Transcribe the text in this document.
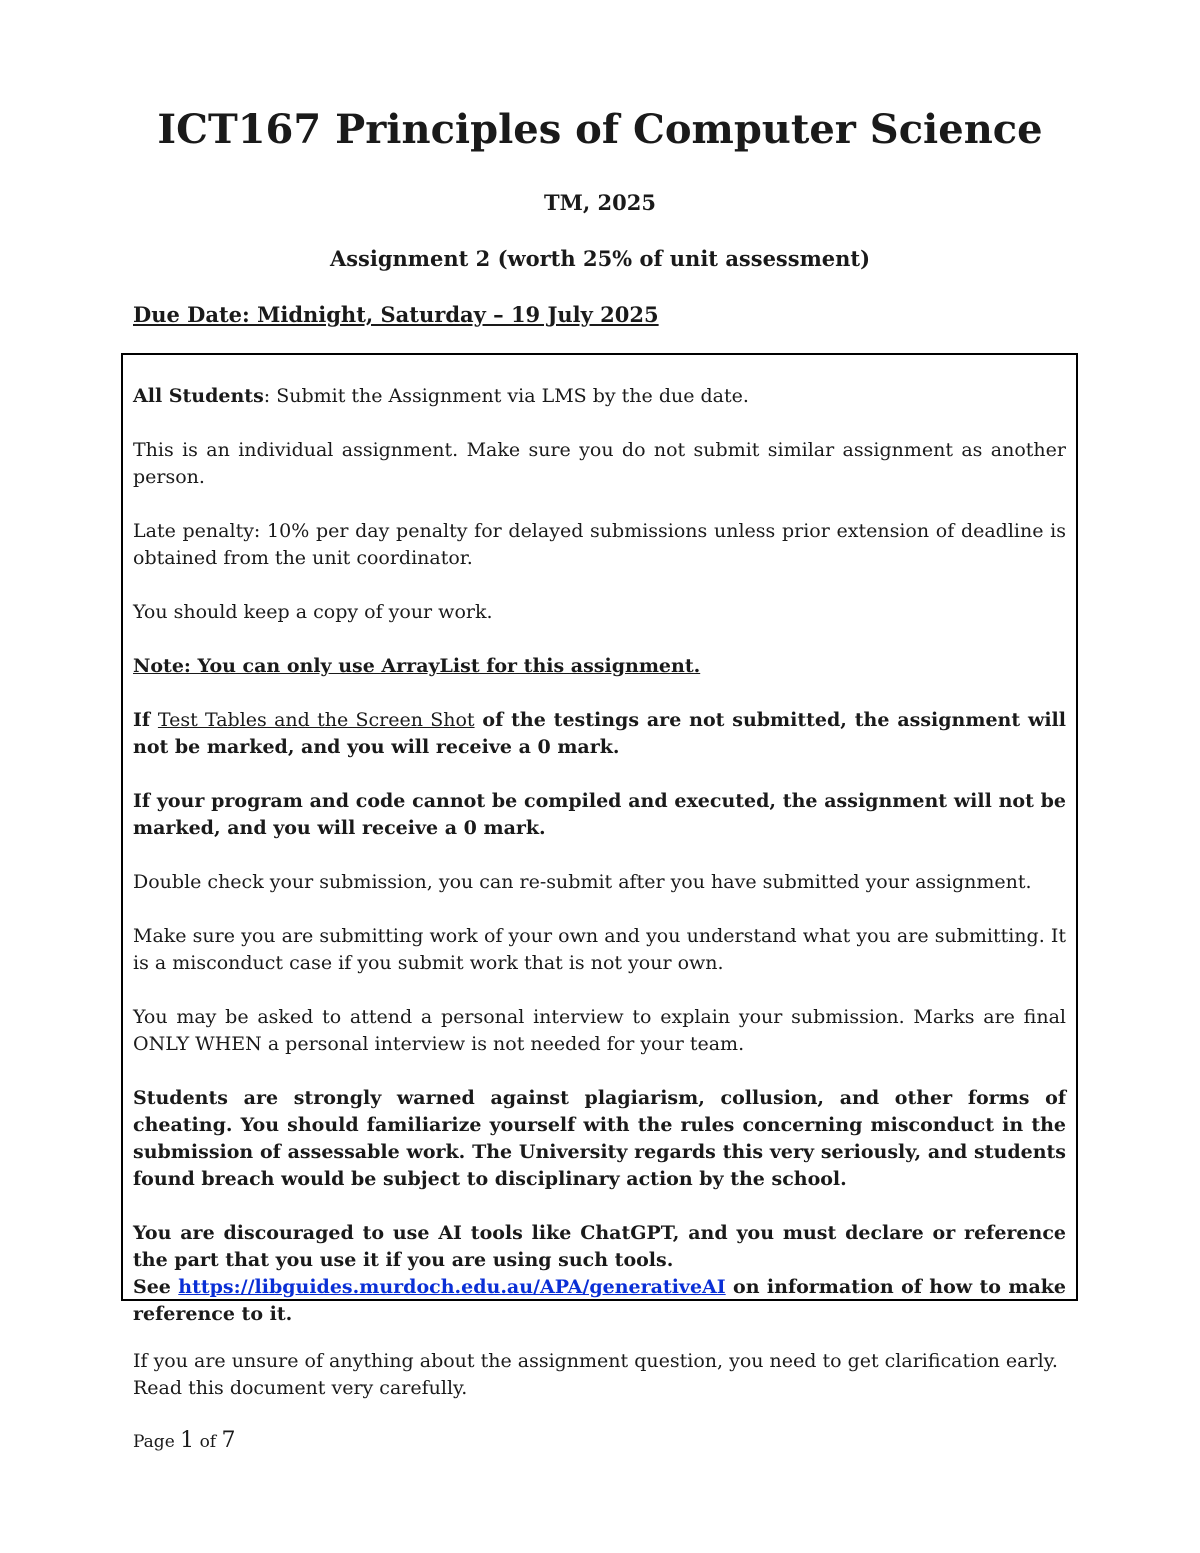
ICT167 Principles of Computer Science

TM, 2025

Assignment 2 (worth 25% of unit assessment)

Due Date: Midnight, Saturday – 19 July 2025

All Students: Submit the Assignment via LMS by the due date.

This is an individual assignment. Make sure you do not submit similar assignment as another person.

Late penalty: 10% per day penalty for delayed submissions unless prior extension of deadline is obtained from the unit coordinator.

You should keep a copy of your work.

Note: You can only use ArrayList for this assignment.

If Test Tables and the Screen Shot of the testings are not submitted, the assignment will not be marked, and you will receive a 0 mark.

If your program and code cannot be compiled and executed, the assignment will not be marked, and you will receive a 0 mark.

Double check your submission, you can re-submit after you have submitted your assignment.

Make sure you are submitting work of your own and you understand what you are submitting. It is a misconduct case if you submit work that is not your own.

You may be asked to attend a personal interview to explain your submission. Marks are final ONLY WHEN a personal interview is not needed for your team.

Students are strongly warned against plagiarism, collusion, and other forms of cheating. You should familiarize yourself with the rules concerning misconduct in the submission of assessable work. The University regards this very seriously, and students found breach would be subject to disciplinary action by the school.

You are discouraged to use AI tools like ChatGPT, and you must declare or reference the part that you use it if you are using such tools.
See https://libguides.murdoch.edu.au/APA/generativeAI on information of how to make reference to it.

If you are unsure of anything about the assignment question, you need to get clarification early. Read this document very carefully.

Page 1 of 7
